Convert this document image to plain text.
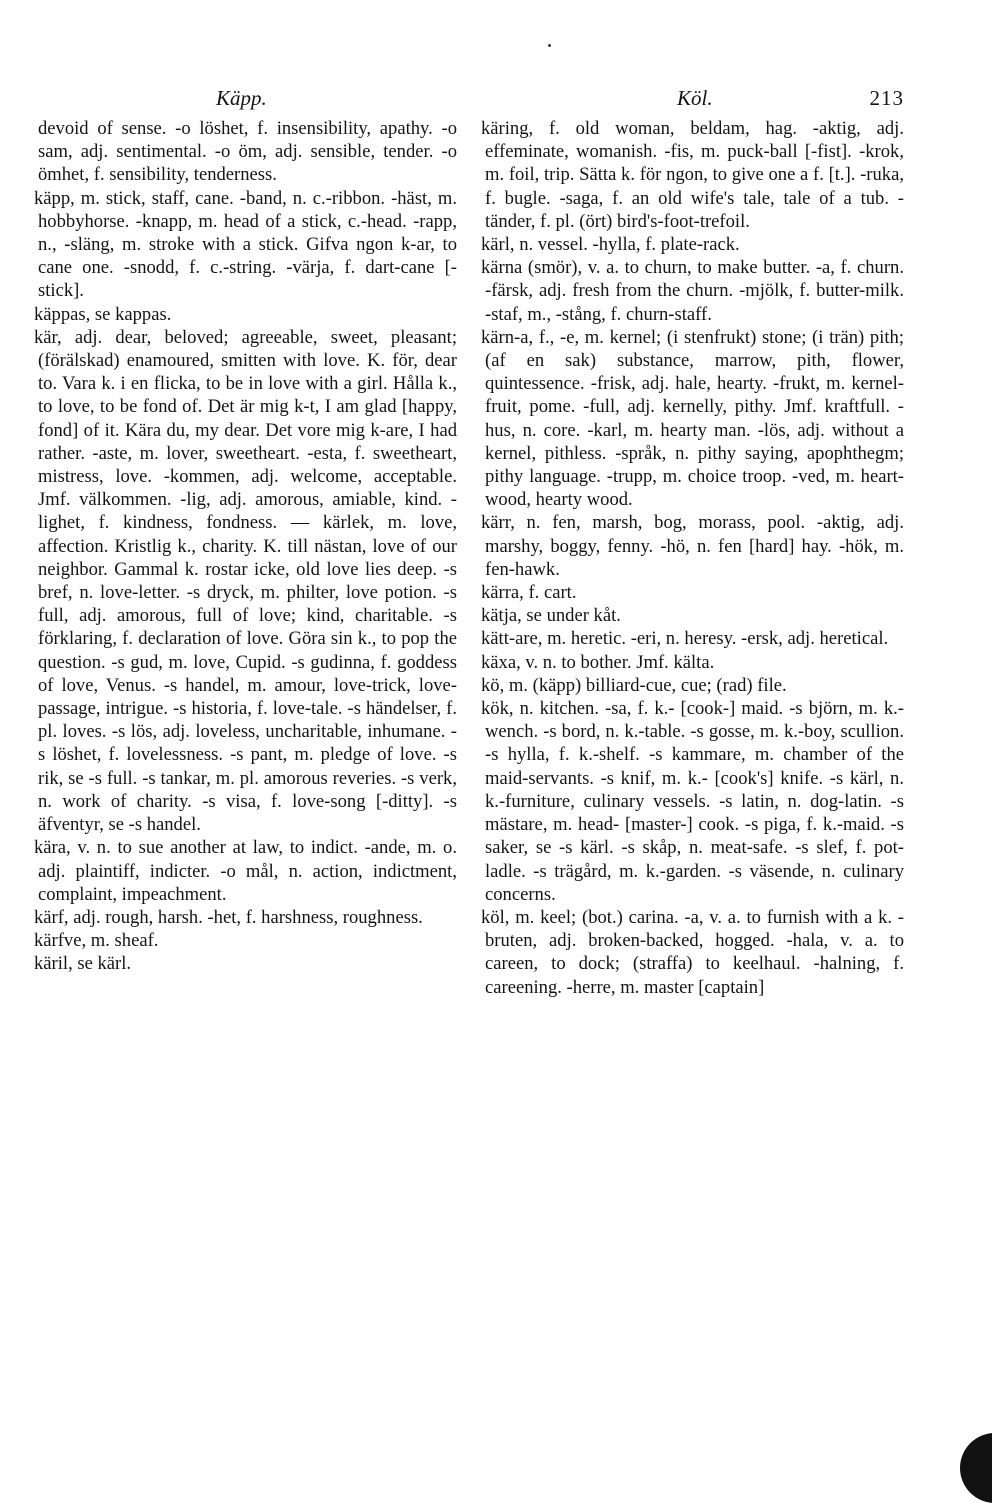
Käpp.	Köl.	213

devoid of sense. -o löshet, f. insensibility, apathy. -o sam, adj. sentimental. -o öm, adj. sensible, tender. -o ömhet, f. sensibility, tenderness.

käpp, m. stick, staff, cane. -band, n. c.-ribbon. -häst, m. hobbyhorse. -knapp, m. head of a stick, c.-head. -rapp, n., -släng, m. stroke with a stick. Gifva ngon k-ar, to cane one. -snodd, f. c.-string. -värja, f. dart-cane [-stick].

käppas, se kappas.

kär, adj. dear, beloved; agreeable, sweet, pleasant; (förälskad) enamoured, smitten with love. K. för, dear to. Vara k. i en flicka, to be in love with a girl. Hålla k., to love, to be fond of. Det är mig k-t, I am glad [happy, fond] of it. Kära du, my dear. Det vore mig k-are, I had rather. -aste, m. lover, sweetheart. -esta, f. sweetheart, mistress, love. -kommen, adj. welcome, acceptable. Jmf. välkommen. -lig, adj. amorous, amiable, kind. -lighet, f. kindness, fondness. — kärlek, m. love, affection. Kristlig k., charity. K. till nästan, love of our neighbor. Gammal k. rostar icke, old love lies deep. -s bref, n. love-letter. -s dryck, m. philter, love potion. -s full, adj. amorous, full of love; kind, charitable. -s förklaring, f. declaration of love. Göra sin k., to pop the question. -s gud, m. love, Cupid. -s gudinna, f. goddess of love, Venus. -s handel, m. amour, love-trick, love-passage, intrigue. -s historia, f. love-tale. -s händelser, f. pl. loves. -s lös, adj. loveless, uncharitable, inhumane. -s löshet, f. lovelessness. -s pant, m. pledge of love. -s rik, se -s full. -s tankar, m. pl. amorous reveries. -s verk, n. work of charity. -s visa, f. love-song [-ditty]. -s äfventyr, se -s handel.

kära, v. n. to sue another at law, to indict. -ande, m. o. adj. plaintiff, indicter. -o mål, n. action, indictment, complaint, impeachment.

kärf, adj. rough, harsh. -het, f. harshness, roughness.

kärfve, m. sheaf.

käril, se kärl.

käring, f. old woman, beldam, hag. -aktig, adj. effeminate, womanish. -fis, m. puck-ball [-fist]. -krok, m. foil, trip. Sätta k. för ngon, to give one a f. [t.]. -ruka, f. bugle. -saga, f. an old wife's tale, tale of a tub. -tänder, f. pl. (ört) bird's-foot-trefoil.

kärl, n. vessel. -hylla, f. plate-rack.

kärna (smör), v. a. to churn, to make butter. -a, f. churn. -färsk, adj. fresh from the churn. -mjölk, f. butter-milk. -staf, m., -stång, f. churn-staff.

kärn-a, f., -e, m. kernel; (i stenfrukt) stone; (i trän) pith; (af en sak) substance, marrow, pith, flower, quintessence. -frisk, adj. hale, hearty. -frukt, m. kernel-fruit, pome. -full, adj. kernelly, pithy. Jmf. kraftfull. -hus, n. core. -karl, m. hearty man. -lös, adj. without a kernel, pithless. -språk, n. pithy saying, apophthegm; pithy language. -trupp, m. choice troop. -ved, m. heart-wood, hearty wood.

kärr, n. fen, marsh, bog, morass, pool. -aktig, adj. marshy, boggy, fenny. -hö, n. fen [hard] hay. -hök, m. fen-hawk.

kärra, f. cart.

kätja, se under kåt.

kätt-are, m. heretic. -eri, n. heresy. -ersk, adj. heretical.

käxa, v. n. to bother. Jmf. kälta.

kö, m. (käpp) billiard-cue, cue; (rad) file.

kök, n. kitchen. -sa, f. k.- [cook-] maid. -s björn, m. k.-wench. -s bord, n. k.-table. -s gosse, m. k.-boy, scullion. -s hylla, f. k.-shelf. -s kammare, m. chamber of the maid-servants. -s knif, m. k.- [cook's] knife. -s kärl, n. k.-furniture, culinary vessels. -s latin, n. dog-latin. -s mästare, m. head- [master-] cook. -s piga, f. k.-maid. -s saker, se -s kärl. -s skåp, n. meat-safe. -s slef, f. pot-ladle. -s trägård, m. k.-garden. -s väsende, n. culinary concerns.

köl, m. keel; (bot.) carina. -a, v. a. to furnish with a k. -bruten, adj. broken-backed, hogged. -hala, v. a. to careen, to dock; (straffa) to keelhaul. -halning, f. careening. -herre, m. master [captain]
